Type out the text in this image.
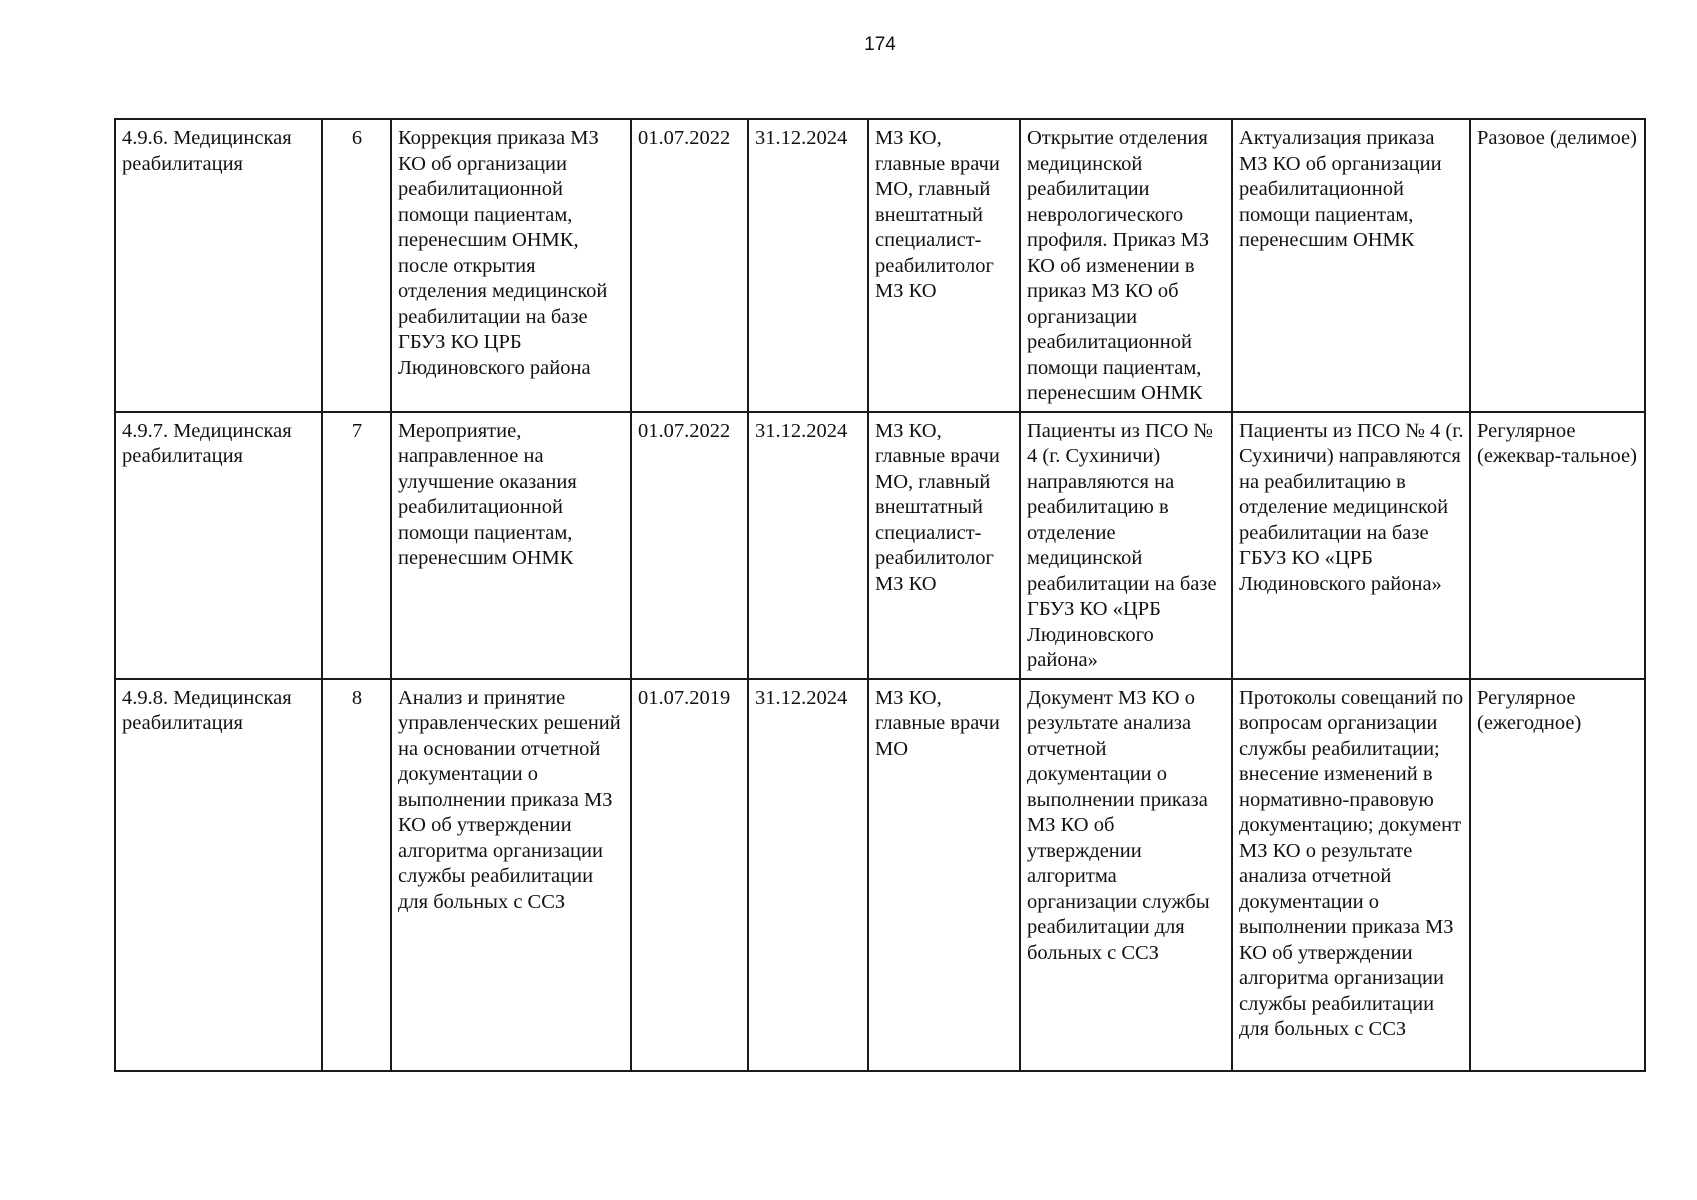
174
4.9.6. Медицинская реабилитация	6	Коррекция приказа МЗ КО об организации реабилитационной помощи пациентам, перенесшим ОНМК, после открытия отделения медицинской реабилитации на базе ГБУЗ КО ЦРБ Людиновского района	01.07.2022	31.12.2024	МЗ КО, главные врачи МО, главный внештатный специалист-реабилитолог МЗ КО	Открытие отделения медицинской реабилитации неврологического профиля. Приказ МЗ КО об изменении в приказ МЗ КО об организации реабилитационной помощи пациентам, перенесшим ОНМК	Актуализация приказа МЗ КО об организации реабилитационной помощи пациентам, перенесшим ОНМК	Разовое (делимое)
4.9.7. Медицинская реабилитация	7	Мероприятие, направленное на улучшение оказания реабилитационной помощи пациентам, перенесшим ОНМК	01.07.2022	31.12.2024	МЗ КО, главные врачи МО, главный внештатный специалист-реабилитолог МЗ КО	Пациенты из ПСО № 4 (г. Сухиничи) направляются на реабилитацию в отделение медицинской реабилитации на базе ГБУЗ КО «ЦРБ Людиновского района»	Пациенты из ПСО № 4 (г. Сухиничи) направляются на реабилитацию в отделение медицинской реабилитации на базе ГБУЗ КО «ЦРБ Людиновского района»	Регулярное (ежеквар-тальное)
4.9.8. Медицинская реабилитация	8	Анализ и принятие управленческих решений на основании отчетной документации о выполнении приказа МЗ КО об утверждении алгоритма организации службы реабилитации для больных с ССЗ	01.07.2019	31.12.2024	МЗ КО, главные врачи МО	Документ МЗ КО о результате анализа отчетной документации о выполнении приказа МЗ КО об утверждении алгоритма организации службы реабилитации для больных с ССЗ	Протоколы совещаний по вопросам организации службы реабилитации; внесение изменений в нормативно-правовую документацию; документ МЗ КО о результате анализа отчетной документации о выполнении приказа МЗ КО об утверждении алгоритма организации службы реабилитации для больных с ССЗ	Регулярное (ежегодное)
